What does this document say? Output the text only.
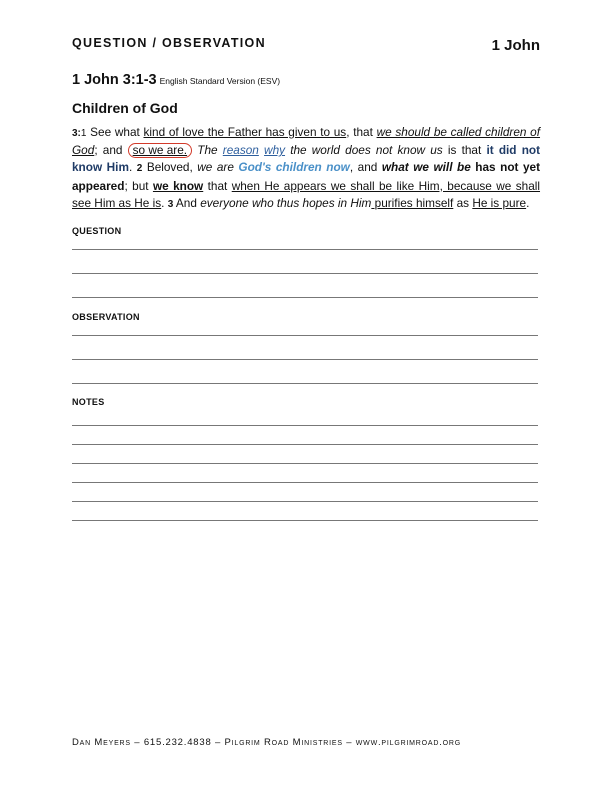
QUESTION / OBSERVATION	1 John
1 John 3:1-3 English Standard Version (ESV)
Children of God
3:1 See what kind of love the Father has given to us, that we should be called children of God; and so we are. The reason why the world does not know us is that it did not know Him. 2 Beloved, we are God's children now, and what we will be has not yet appeared; but we know that when He appears we shall be like Him, because we shall see Him as He is. 3 And everyone who thus hopes in Him purifies himself as He is pure.
QUESTION
OBSERVATION
NOTES
Dan Meyers – 615.232.4838 – Pilgrim Road Ministries – www.pilgrimroad.org
